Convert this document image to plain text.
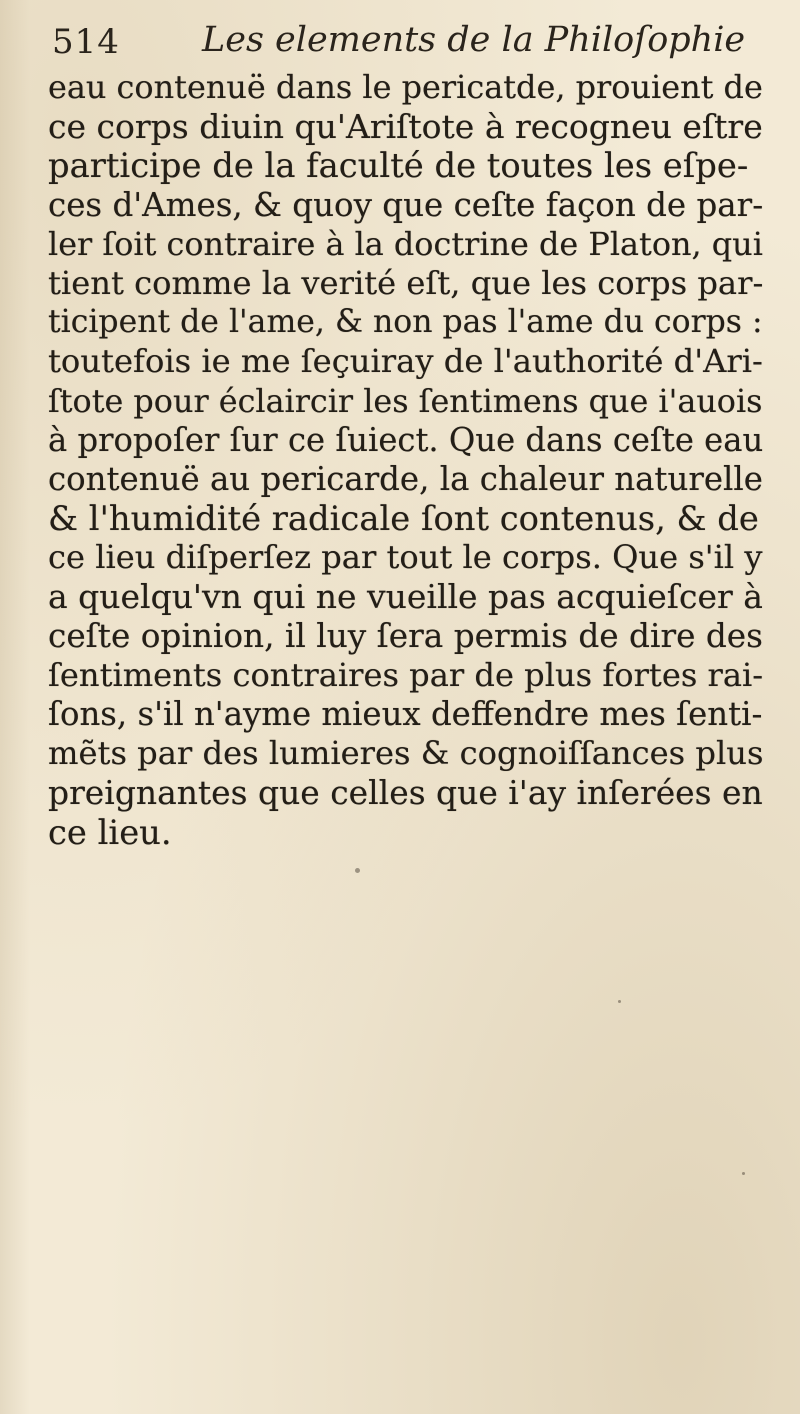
514 Les elements de la Philoſophie
eau contenuë dans le pericatde, prouient de
ce corps diuin qu'Ariſtote à recogneu eſtre
participe de la faculté de toutes les eſpe-
ces d'Ames, & quoy que ceſte façon de par-
ler ſoit contraire à la doctrine de Platon, qui
tient comme la verité eſt, que les corps par-
ticipent de l'ame, & non pas l'ame du corps :
toutefois ie me ſeçuiray de l'authorité d'Ari-
ſtote pour éclaircir les ſentimens que i'auois
à propoſer ſur ce ſuiect. Que dans ceſte eau
contenuë au pericarde, la chaleur naturelle
& l'humidité radicale ſont contenus, & de
ce lieu diſperſez par tout le corps. Que s'il y
a quelqu'vn qui ne vueille pas acquieſcer à
ceſte opinion, il luy ſera permis de dire des
ſentiments contraires par de plus fortes rai-
ſons, s'il n'ayme mieux deffendre mes ſenti-
mẽts par des lumieres & cognoiſſances plus
preignantes que celles que i'ay inſerées en
ce lieu.
